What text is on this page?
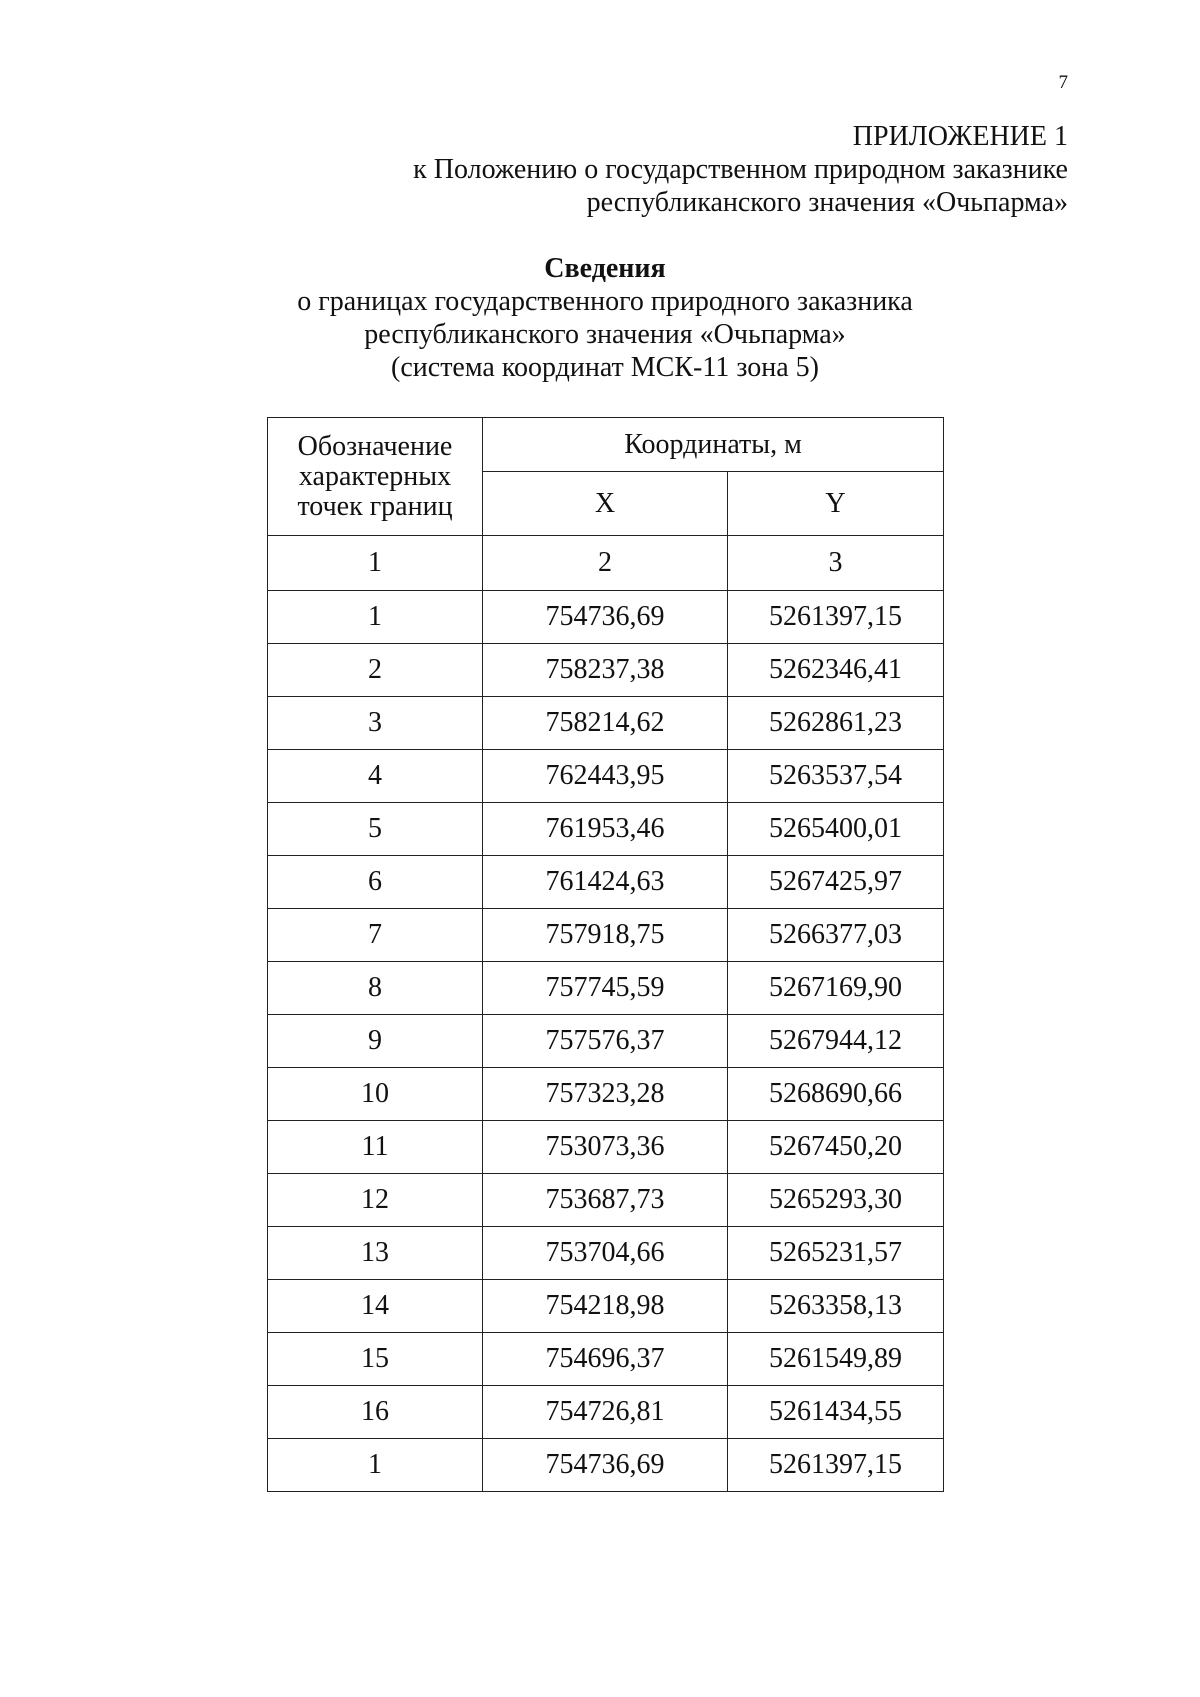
7
ПРИЛОЖЕНИЕ 1
к Положению о государственном природном заказнике
республиканского значения «Очьпарма»
Сведения
о границах государственного природного заказника
республиканского значения «Очьпарма»
(система координат МСК-11 зона 5)
Обозначение характерных точек границ	Координаты, м	
	X	Y
1	2	3
1	754736,69	5261397,15
2	758237,38	5262346,41
3	758214,62	5262861,23
4	762443,95	5263537,54
5	761953,46	5265400,01
6	761424,63	5267425,97
7	757918,75	5266377,03
8	757745,59	5267169,90
9	757576,37	5267944,12
10	757323,28	5268690,66
11	753073,36	5267450,20
12	753687,73	5265293,30
13	753704,66	5265231,57
14	754218,98	5263358,13
15	754696,37	5261549,89
16	754726,81	5261434,55
1	754736,69	5261397,15
